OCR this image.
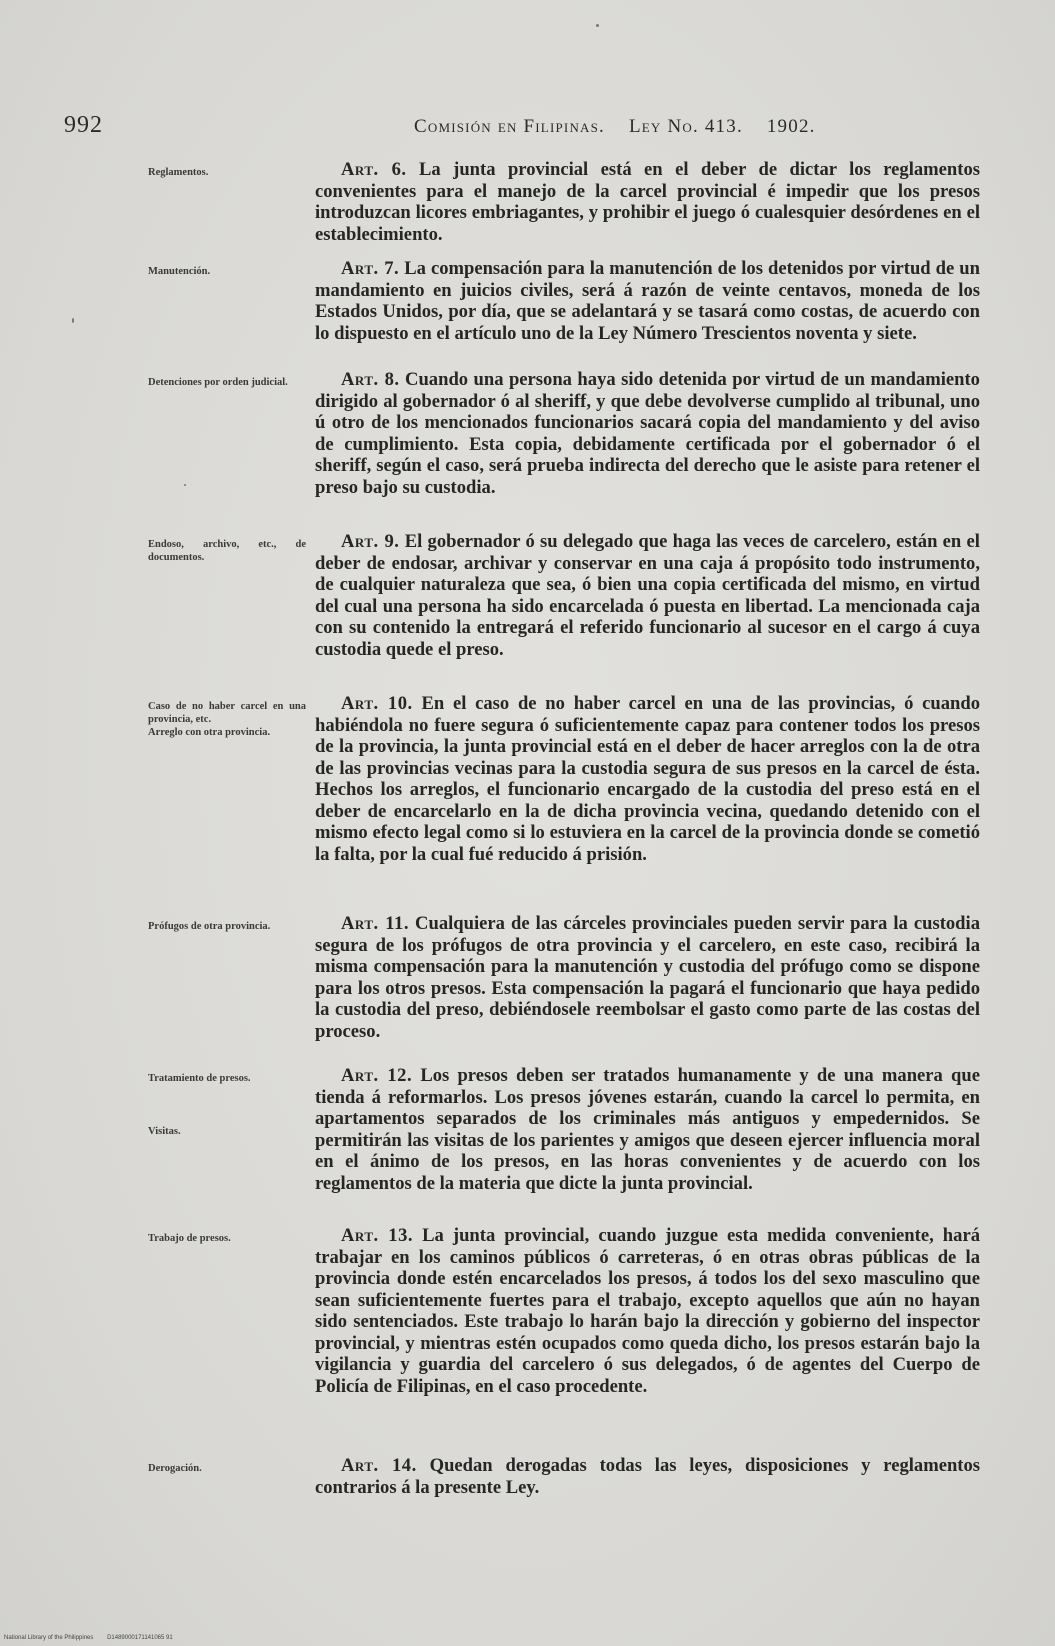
992	Comisión en Filipinas. Ley No. 413. 1902.
Reglamentos.	Art. 6. La junta provincial está en el deber de dictar los reglamentos convenientes para el manejo de la carcel provincial é impedir que los presos introduzcan licores embriagantes, y prohibir el juego ó cualesquier desórdenes en el establecimiento.

Manutención.	Art. 7. La compensación para la manutención de los detenidos por virtud de un mandamiento en juicios civiles, será á razón de veinte centavos, moneda de los Estados Unidos, por día, que se adelantará y se tasará como costas, de acuerdo con lo dispuesto en el artículo uno de la Ley Número Trescientos noventa y siete.

Detenciones por orden judicial.	Art. 8. Cuando una persona haya sido detenida por virtud de un mandamiento dirigido al gobernador ó al sheriff, y que debe devolverse cumplido al tribunal, uno ú otro de los mencionados funcionarios sacará copia del mandamiento y del aviso de cumplimiento. Esta copia, debidamente certificada por el gobernador ó el sheriff, según el caso, será prueba indirecta del derecho que le asiste para retener el preso bajo su custodia.

Endoso, archivo, etc., de documentos.

Art. 9. El gobernador ó su delegado que haga las veces de carcelero, están en el deber de endosar, archivar y conservar en una caja á propósito todo instrumento, de cualquier naturaleza que sea, ó bien una copia certificada del mismo, en virtud del cual una persona ha sido encarcelada ó puesta en libertad. La mencionada caja con su contenido la entregará el referido funcionario al sucesor en el cargo á cuya custodia quede el preso.

Caso de no haber carcel en una provincia, etc.
Arreglo con otra provincia.

Art. 10. En el caso de no haber carcel en una de las provincias, ó cuando habiéndola no fuere segura ó suficientemente capaz para contener todos los presos de la provincia, la junta provincial está en el deber de hacer arreglos con la de otra de las provincias vecinas para la custodia segura de sus presos en la carcel de ésta. Hechos los arreglos, el funcionario encargado de la custodia del preso está en el deber de encarcelarlo en la de dicha provincia vecina, quedando detenido con el mismo efecto legal como si lo estuviera en la carcel de la provincia donde se cometió la falta, por la cual fué reducido á prisión.

Prófugos de otra provincia.	Art. 11. Cualquiera de las cárceles provinciales pueden servir para la custodia segura de los prófugos de otra provincia y el carcelero, en este caso, recibirá la misma compensación para la manutención y custodia del prófugo como se dispone para los otros presos. Esta compensación la pagará el funcionario que haya pedido la custodia del preso, debiéndosele reembolsar el gasto como parte de las costas del proceso.

Tratamiento de presos.
Visitas.

Art. 12. Los presos deben ser tratados humanamente y de una manera que tienda á reformarlos. Los presos jóvenes estarán, cuando la carcel lo permita, en apartamentos separados de los criminales más antiguos y empedernidos. Se permitirán las visitas de los parientes y amigos que deseen ejercer influencia moral en el ánimo de los presos, en las horas convenientes y de acuerdo con los reglamentos de la materia que dicte la junta provincial.

Trabajo de presos.	Art. 13. La junta provincial, cuando juzgue esta medida conveniente, hará trabajar en los caminos públicos ó carreteras, ó en otras obras públicas de la provincia donde estén encarcelados los presos, á todos los del sexo masculino que sean suficientemente fuertes para el trabajo, excepto aquellos que aún no hayan sido sentenciados. Este trabajo lo harán bajo la dirección y gobierno del inspector provincial, y mientras estén ocupados como queda dicho, los presos estarán bajo la vigilancia y guardia del carcelero ó sus delegados, ó de agentes del Cuerpo de Policía de Filipinas, en el caso procedente.

Derogación.	Art. 14. Quedan derogadas todas las leyes, disposiciones y reglamentos contrarios á la presente Ley.

National Library of the Philippines D1489000171141065 91
